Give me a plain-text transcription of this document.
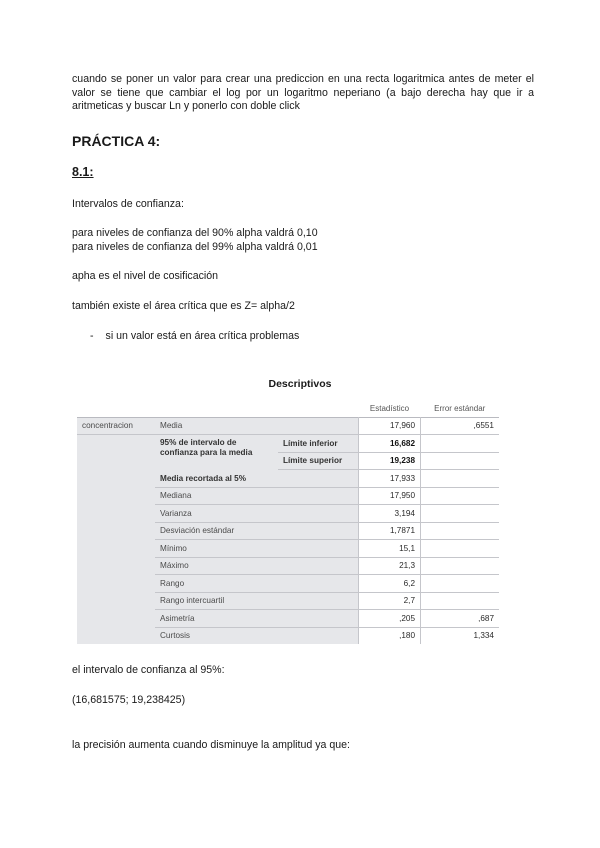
cuando se poner un valor para crear una prediccion en una recta logaritmica antes de meter el valor se tiene que cambiar el log por un logaritmo neperiano (a bajo derecha hay que ir a aritmeticas y buscar Ln y ponerlo con doble click

PRÁCTICA 4:
8.1:

Intervalos de confianza:

para niveles de confianza del 90% alpha valdrá 0,10

para niveles de confianza del 99% alpha valdrá 0,01

apha es el nivel de cosificación

también existe el área crítica que es Z= alpha/2

- si un valor está en área crítica problemas

Descriptivos
			Estadístico	Error estándar
concentracion	Media		17,960	,6551
	95% de intervalo de confianza para la media	Límite inferior	16,682	
		Límite superior	19,238	
	Media recortada al 5%		17,933	
	Mediana		17,950	
	Varianza		3,194	
	Desviación estándar		1,7871	
	Mínimo		15,1	
	Máximo		21,3	
	Rango		6,2	
	Rango intercuartil		2,7	
	Asimetría		,205	,687
	Curtosis		,180	1,334

el intervalo de confianza al 95%:

(16,681575; 19,238425)

la precisión aumenta cuando disminuye la amplitud ya que:
